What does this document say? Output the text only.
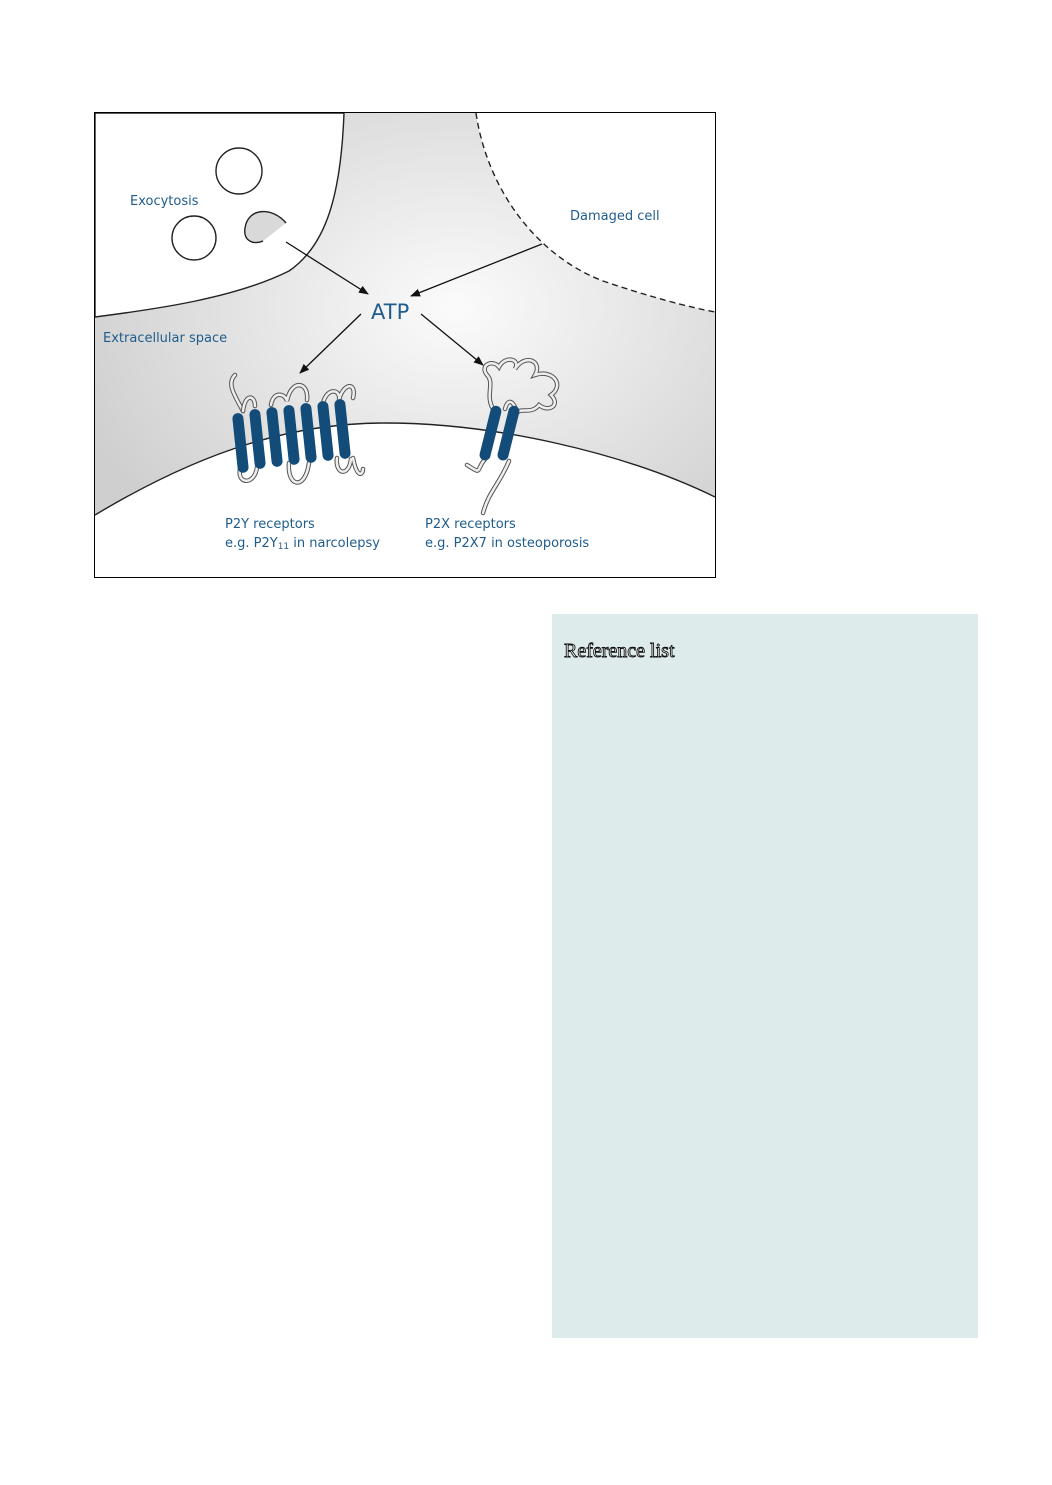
Exocytosis
Damaged cell
ATP
Extracellular space
P2Y receptors
e.g. $P2Y_{11}$ in narcolepsy
P2X receptors
e.g. P2X7 in osteoporosis
Reference list
